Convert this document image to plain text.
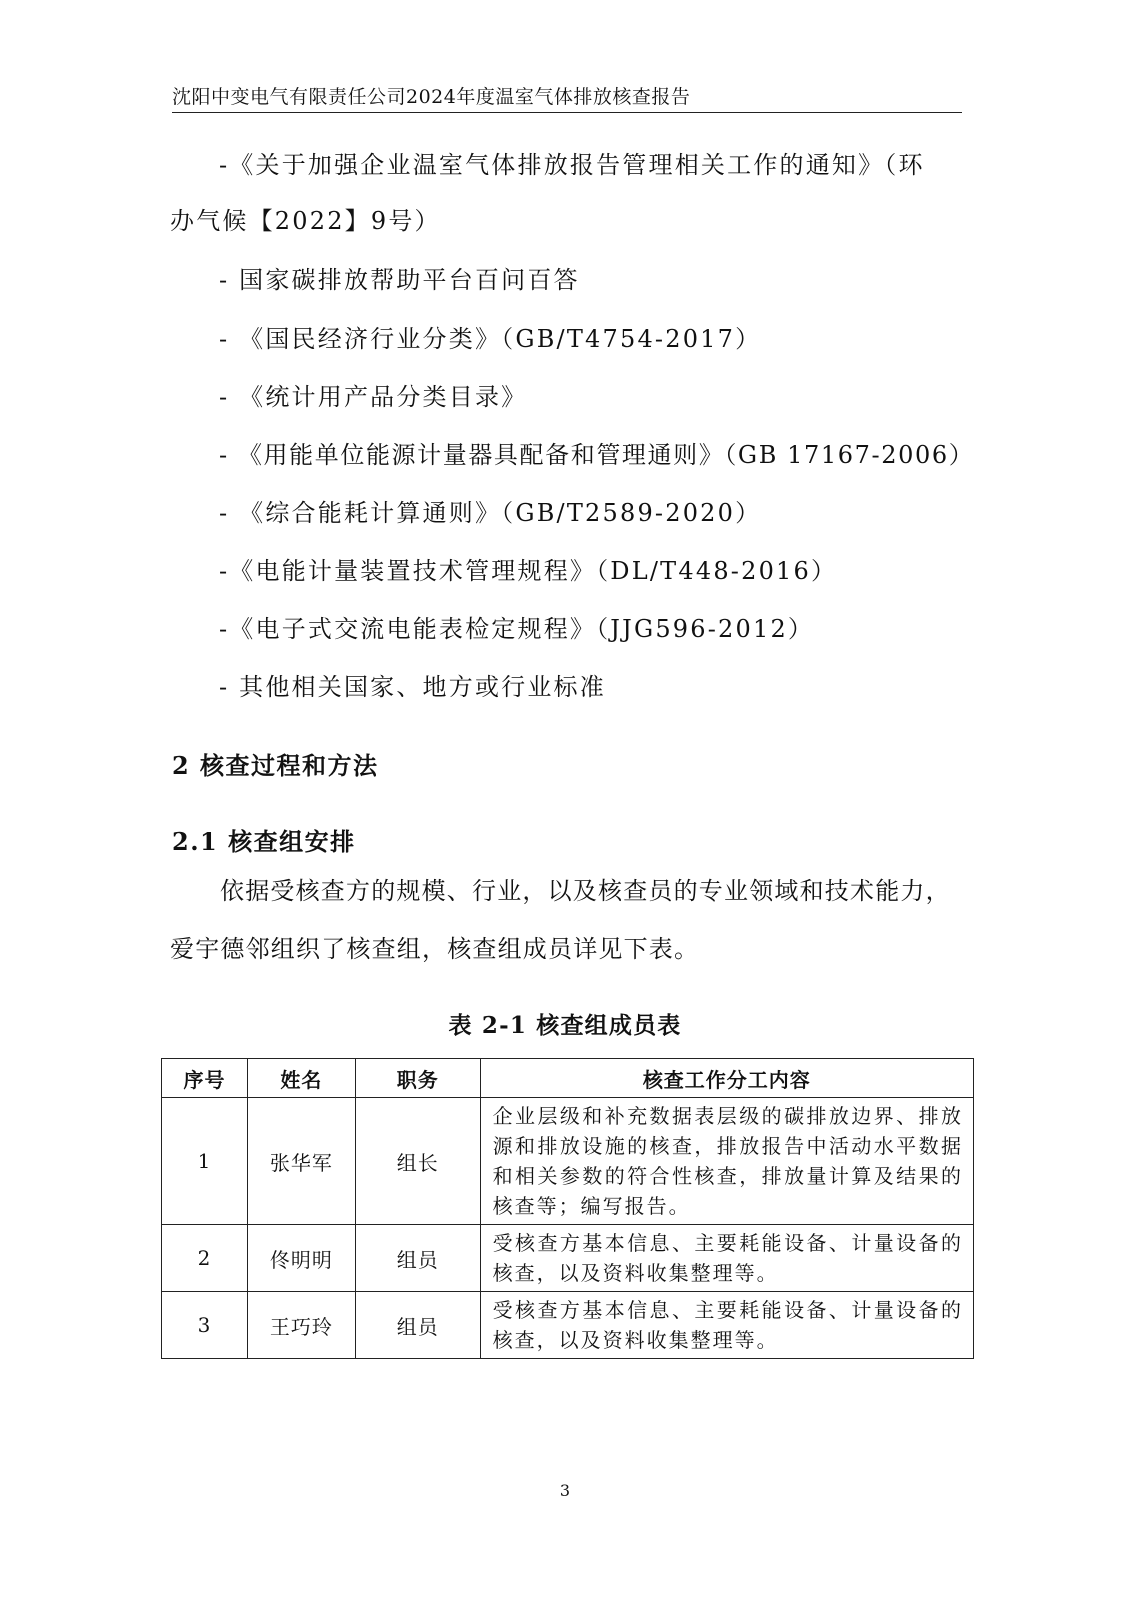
沈阳中变电气有限责任公司2024年度温室气体排放核查报告
-《关于加强企业温室气体排放报告管理相关工作的通知》（环
办气候【2022】9号）
- 国家碳排放帮助平台百问百答
- 《国民经济行业分类》（GB/T4754-2017）
- 《统计用产品分类目录》
- 《用能单位能源计量器具配备和管理通则》（GB 17167-2006）
- 《综合能耗计算通则》（GB/T2589-2020）
-《电能计量装置技术管理规程》（DL/T448-2016）
-《电子式交流电能表检定规程》（JJG596-2012）
- 其他相关国家、地方或行业标准
2 核查过程和方法
2.1 核查组安排
依据受核查方的规模、行业，以及核查员的专业领域和技术能力，
爱宇德邻组织了核查组，核查组成员详见下表。
表 2-1 核查组成员表
序号	姓名	职务	核查工作分工内容
1	张华军	组长	企业层级和补充数据表层级的碳排放边界、排放源和排放设施的核查，排放报告中活动水平数据和相关参数的符合性核查，排放量计算及结果的核查等；编写报告。
2	佟明明	组员	受核查方基本信息、主要耗能设备、计量设备的核查，以及资料收集整理等。
3	王巧玲	组员	受核查方基本信息、主要耗能设备、计量设备的核查，以及资料收集整理等。
3
